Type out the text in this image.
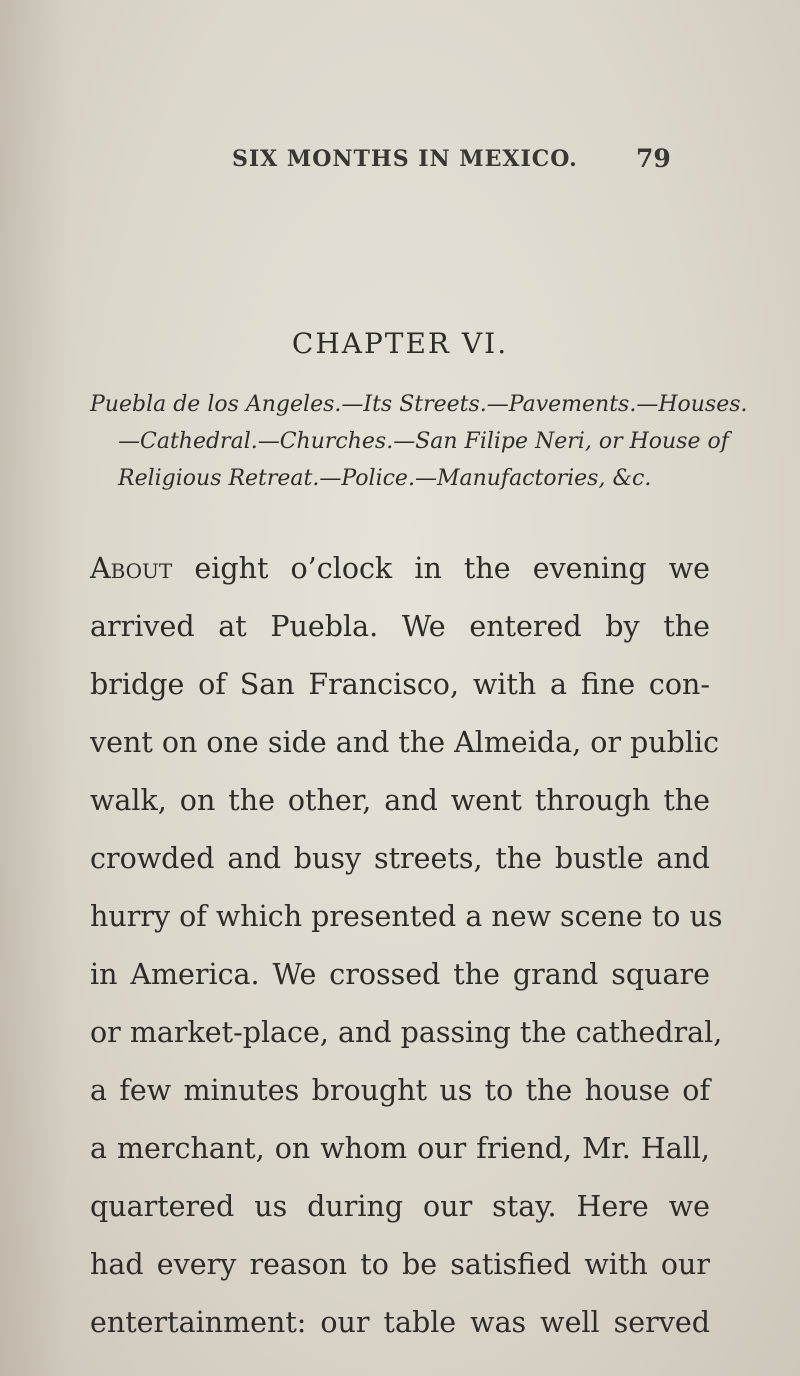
SIX MONTHS IN MEXICO. 79
CHAPTER VI.
Puebla de los Angeles.—Its Streets.—Pavements.—Houses.
—Cathedral.—Churches.—San Filipe Neri, or House of
Religious Retreat.—Police.—Manufactories, &c.
About eight o’clock in the evening we
arrived at Puebla. We entered by the
bridge of San Francisco, with a fine con-
vent on one side and the Almeida, or public
walk, on the other, and went through the
crowded and busy streets, the bustle and
hurry of which presented a new scene to us
in America. We crossed the grand square
or market-place, and passing the cathedral,
a few minutes brought us to the house of
a merchant, on whom our friend, Mr. Hall,
quartered us during our stay. Here we
had every reason to be satisfied with our
entertainment: our table was well served
